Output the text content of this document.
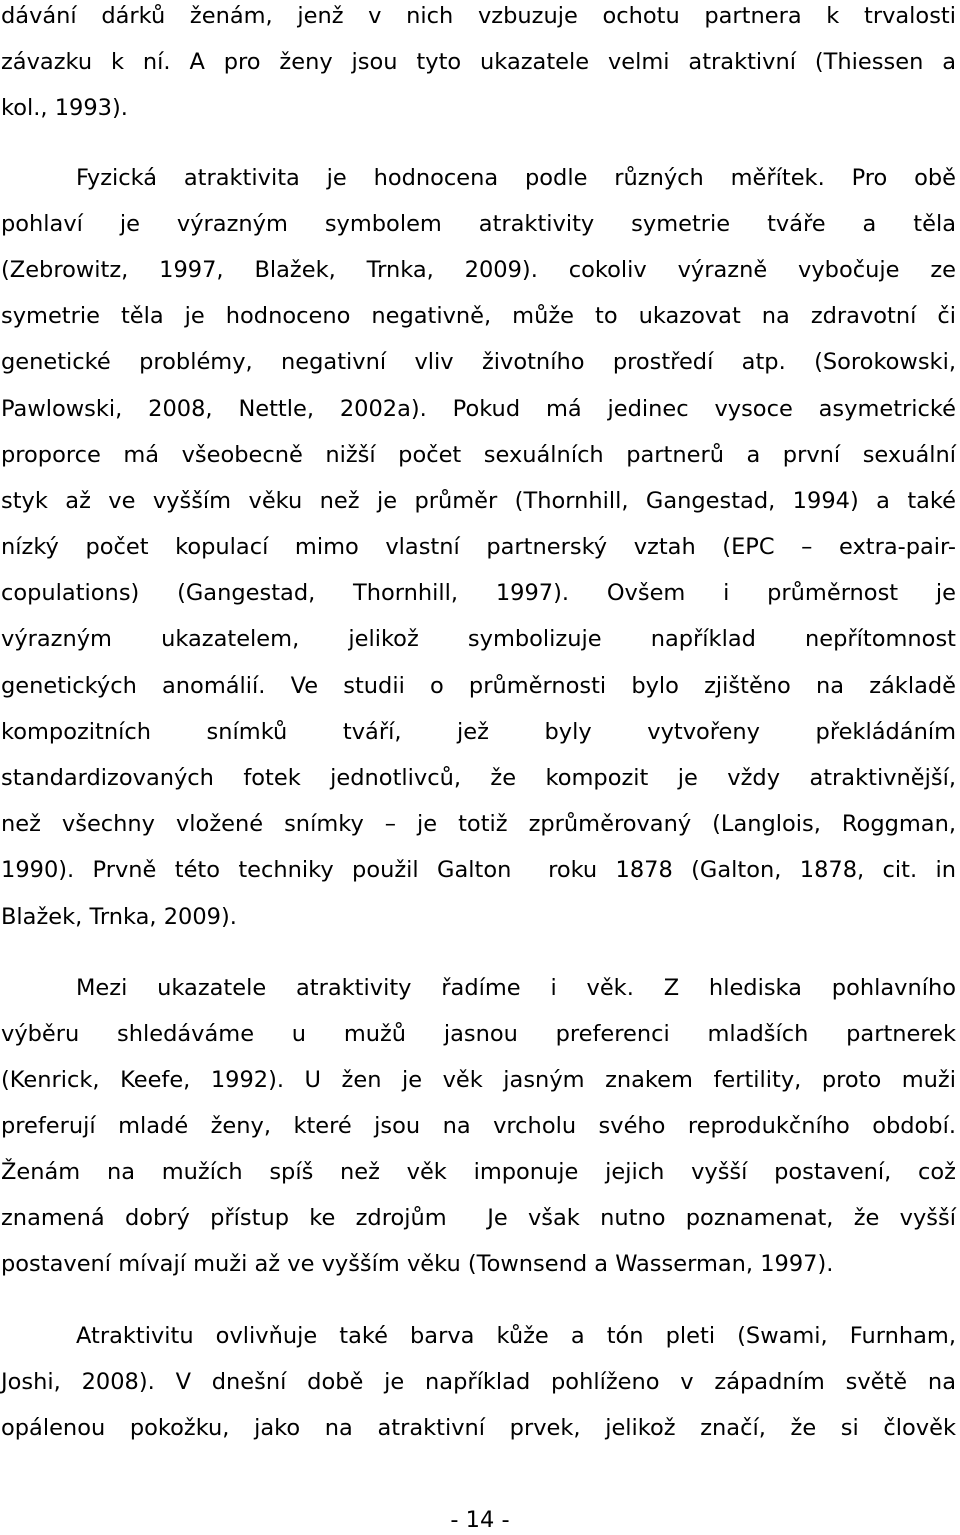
dávání dárků ženám, jenž v nich vzbuzuje ochotu partnera k trvalosti
závazku k ní. A pro ženy jsou tyto ukazatele velmi atraktivní (Thiessen a
kol., 1993).
Fyzická atraktivita je hodnocena podle různých měřítek. Pro obě
pohlaví je výrazným symbolem atraktivity symetrie tváře a těla
(Zebrowitz, 1997, Blažek, Trnka, 2009). cokoliv výrazně vybočuje ze
symetrie těla je hodnoceno negativně, může to ukazovat na zdravotní či
genetické problémy, negativní vliv životního prostředí atp. (Sorokowski,
Pawlowski, 2008, Nettle, 2002a). Pokud má jedinec vysoce asymetrické
proporce má všeobecně nižší počet sexuálních partnerů a první sexuální
styk až ve vyšším věku než je průměr (Thornhill, Gangestad, 1994) a také
nízký počet kopulací mimo vlastní partnerský vztah (EPC – extra-pair-
copulations) (Gangestad, Thornhill, 1997). Ovšem i průměrnost je
výrazným ukazatelem, jelikož symbolizuje například nepřítomnost
genetických anomálií. Ve studii o průměrnosti bylo zjištěno na základě
kompozitních snímků tváří, jež byly vytvořeny překládáním
standardizovaných fotek jednotlivců, že kompozit je vždy atraktivnější,
než všechny vložené snímky – je totiž zprůměrovaný (Langlois, Roggman,
1990). Prvně této techniky použil Galton  roku 1878 (Galton, 1878, cit. in
Blažek, Trnka, 2009).
Mezi ukazatele atraktivity řadíme i věk. Z hlediska pohlavního
výběru shledáváme u mužů jasnou preferenci mladších partnerek
(Kenrick, Keefe, 1992). U žen je věk jasným znakem fertility, proto muži
preferují mladé ženy, které jsou na vrcholu svého reprodukčního období.
Ženám na mužích spíš než věk imponuje jejich vyšší postavení, což
znamená dobrý přístup ke zdrojům  Je však nutno poznamenat, že vyšší
postavení mívají muži až ve vyšším věku (Townsend a Wasserman, 1997).
Atraktivitu ovlivňuje také barva kůže a tón pleti (Swami, Furnham,
Joshi, 2008). V dnešní době je například pohlíženo v západním světě na
opálenou pokožku, jako na atraktivní prvek, jelikož značí, že si člověk
- 14 -
